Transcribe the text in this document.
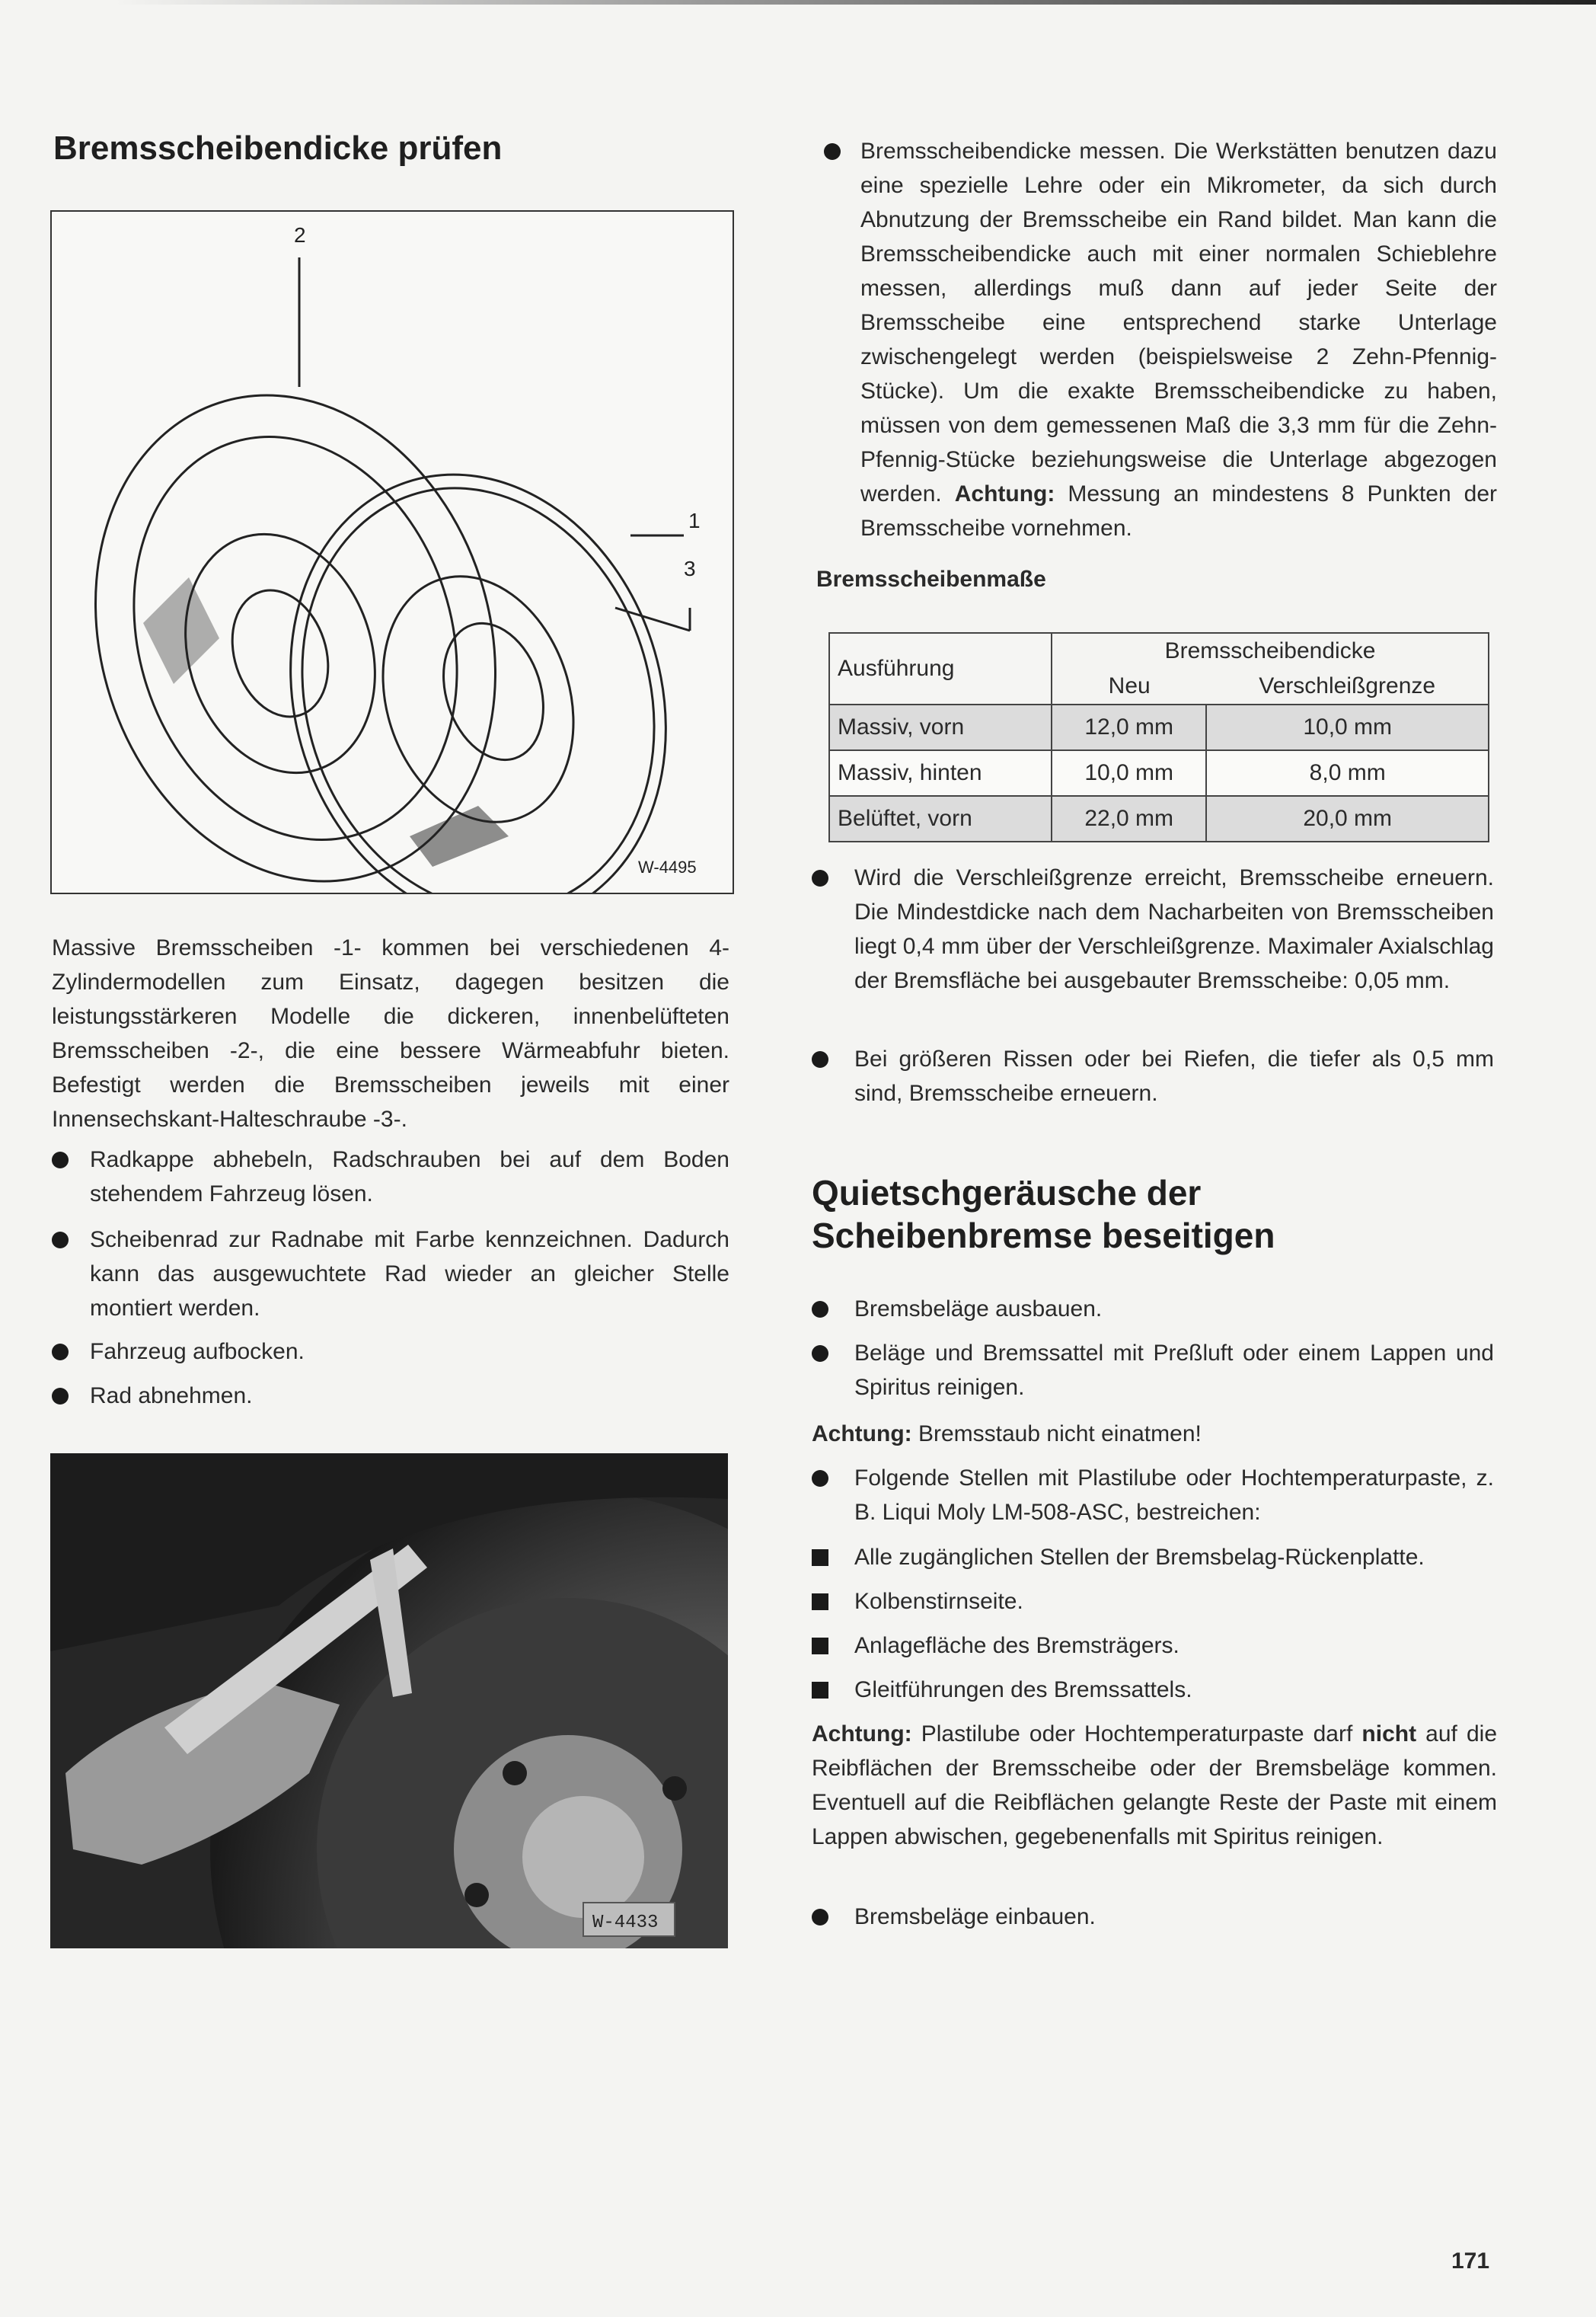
Bremsscheibendicke prüfen
2
1
3
W-4495

Massive Bremsscheiben -1- kommen bei verschiedenen 4-Zylindermodellen zum Einsatz, dagegen besitzen die leistungsstärkeren Modelle die dickeren, innenbelüfteten Bremsscheiben -2-, die eine bessere Wärmeabfuhr bieten. Befestigt werden die Bremsscheiben jeweils mit einer Innensechskant-Halteschraube -3-.

Radkappe abhebeln, Radschrauben bei auf dem Boden stehendem Fahrzeug lösen.
Scheibenrad zur Radnabe mit Farbe kennzeichnen. Dadurch kann das ausgewuchtete Rad wieder an gleicher Stelle montiert werden.
Fahrzeug aufbocken.
Rad abnehmen.
W-4433
Bremsscheibendicke messen. Die Werkstätten benutzen dazu eine spezielle Lehre oder ein Mikrometer, da sich durch Abnutzung der Bremsscheibe ein Rand bildet. Man kann die Bremsscheibendicke auch mit einer normalen Schieblehre messen, allerdings muß dann auf jeder Seite der Bremsscheibe eine entsprechend starke Unterlage zwischengelegt werden (beispielsweise 2 Zehn-Pfennig-Stücke). Um die exakte Bremsscheibendicke zu haben, müssen von dem gemessenen Maß die 3,3 mm für die Zehn-Pfennig-Stücke beziehungsweise die Unterlage abgezogen werden. Achtung: Messung an mindestens 8 Punkten der Bremsscheibe vornehmen.
Bremsscheibenmaße
Ausführung	Bremsscheibendicke	
	Neu	Verschleißgrenze
Massiv, vorn	12,0 mm	10,0 mm
Massiv, hinten	10,0 mm	8,0 mm
Belüftet, vorn	22,0 mm	20,0 mm
Wird die Verschleißgrenze erreicht, Bremsscheibe erneuern. Die Mindestdicke nach dem Nacharbeiten von Bremsscheiben liegt 0,4 mm über der Verschleißgrenze. Maximaler Axialschlag der Bremsfläche bei ausgebauter Bremsscheibe: 0,05 mm.
Bei größeren Rissen oder bei Riefen, die tiefer als 0,5 mm sind, Bremsscheibe erneuern.
Quietschgeräusche der
Scheibenbremse beseitigen
Bremsbeläge ausbauen.
Beläge und Bremssattel mit Preßluft oder einem Lappen und Spiritus reinigen.

Achtung: Bremsstaub nicht einatmen!

Folgende Stellen mit Plastilube oder Hochtemperaturpaste, z. B. Liqui Moly LM-508-ASC, bestreichen:
Alle zugänglichen Stellen der Bremsbelag-Rückenplatte.
Kolbenstirnseite.
Anlagefläche des Bremsträgers.
Gleitführungen des Bremssattels.

Achtung: Plastilube oder Hochtemperaturpaste darf nicht auf die Reibflächen der Bremsscheibe oder der Bremsbeläge kommen. Eventuell auf die Reibflächen gelangte Reste der Paste mit einem Lappen abwischen, gegebenenfalls mit Spiritus reinigen.

Bremsbeläge einbauen.
171
